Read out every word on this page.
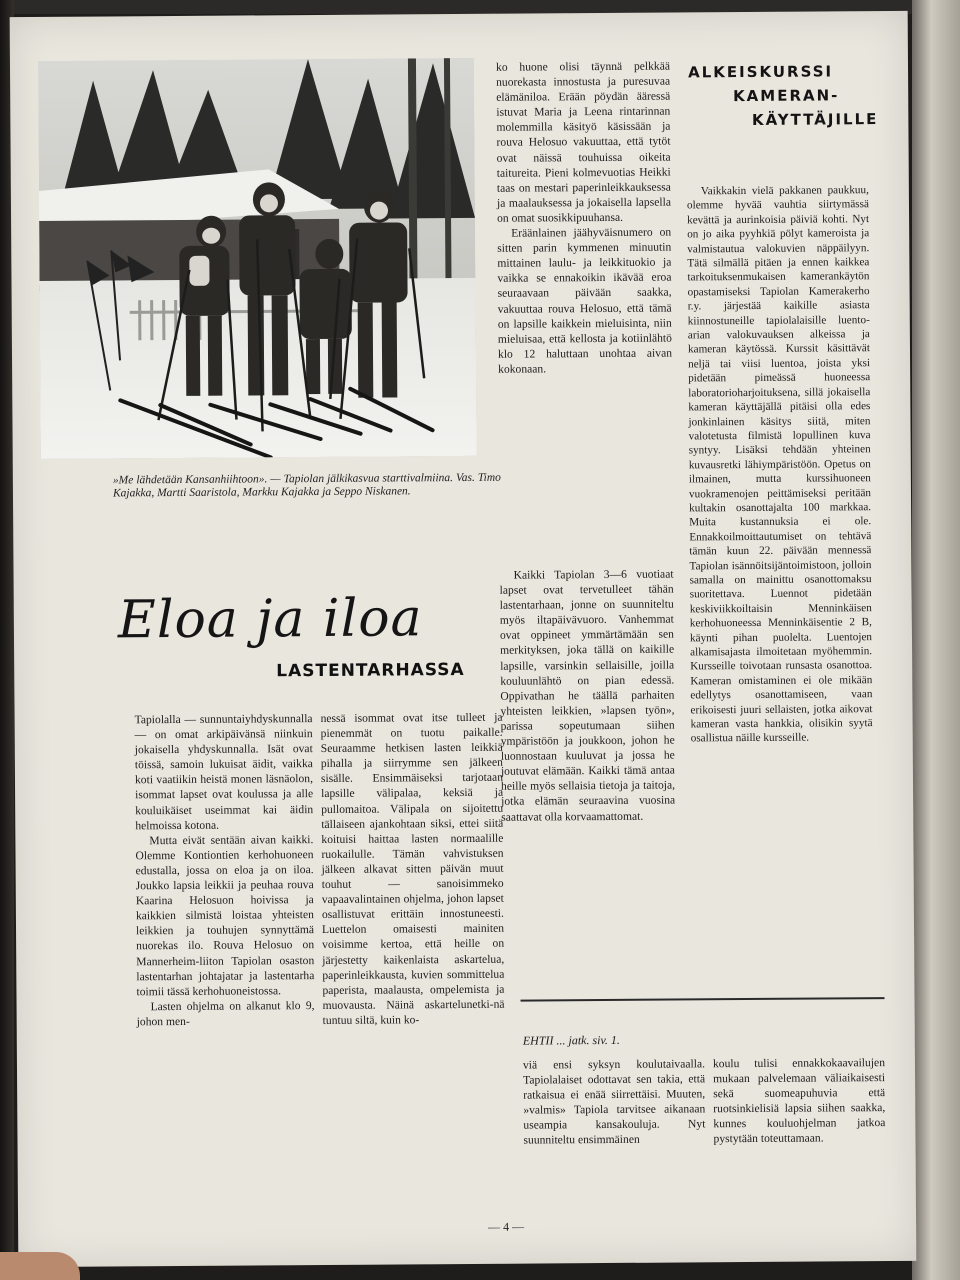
»Me lähdetään Kansanhiihtoon». — Tapiolan jälkikasvua starttivalmiina. Vas. Timo Kajakka, Martti Saaristola, Markku Kajakka ja Seppo Niskanen.

Eloa ja iloa
LASTENTARHASSA

Tapiolalla — sunnuntaiyhdyskunnalla — on omat arkipäivänsä niinkuin jokaisella yhdyskunnalla. Isät ovat töissä, samoin lukuisat äidit, vaikka koti vaatiikin heistä monen läsnäolon, isommat lapset ovat koulussa ja alle kouluikäiset useimmat kai äidin helmoissa kotona.

Mutta eivät sentään aivan kaikki. Olemme Kontiontien kerhohuoneen edustalla, jossa on eloa ja on iloa. Joukko lapsia leikkii ja peuhaa rouva Kaarina Helosuon hoivissa ja kaikkien silmistä loistaa yhteisten leikkien ja touhujen synnyttämä nuorekas ilo. Rouva Helosuo on Mannerheim-liiton Tapiolan osaston lastentarhan johtajatar ja lastentarha toimii tässä kerhohuoneistossa.

Lasten ohjelma on alkanut klo 9, johon men-

nessä isommat ovat itse tulleet ja pienemmät on tuotu paikalle. Seuraamme hetkisen lasten leikkiä pihalla ja siirrymme sen jälkeen sisälle. Ensimmäiseksi tarjotaan lapsille välipalaa, keksiä ja pullomaitoa. Välipala on sijoitettu tällaiseen ajankohtaan siksi, ettei siitä koituisi haittaa lasten normaalille ruokailulle. Tämän vahvistuksen jälkeen alkavat sitten päivän muut touhut — sanoisimmeko vapaavalintainen ohjelma, johon lapset osallistuvat erittäin innostuneesti. Luettelon omaisesti mainiten voisimme kertoa, että heille on järjestetty kaikenlaista askartelua, paperinleikkausta, kuvien sommittelua paperista, maalausta, ompelemista ja muovausta. Näinä askartelunetki-nä tuntuu siltä, kuin ko-

ko huone olisi täynnä pelkkää nuorekasta innostusta ja puresuvaa elämäniloa. Erään pöydän ääressä istuvat Maria ja Leena rintarinnan molemmilla käsityö käsissään ja rouva Helosuo vakuuttaa, että tytöt ovat näissä touhuissa oikeita taitureita. Pieni kolmevuotias Heikki taas on mestari paperinleikkauksessa ja maalauksessa ja jokaisella lapsella on omat suosikkipuuhansa.

Eräänlainen jäähyväisnumero on sitten parin kymmenen minuutin mittainen laulu- ja leikkituokio ja vaikka se ennakoikin ikävää eroa seuraavaan päivään saakka, vakuuttaa rouva Helosuo, että tämä on lapsille kaikkein mieluisinta, niin mieluisaa, että kellosta ja kotiinlähtö klo 12 haluttaan unohtaa aivan kokonaan.

Kaikki Tapiolan 3—6 vuotiaat lapset ovat tervetulleet tähän lastentarhaan, jonne on suunniteltu myös iltapäivävuoro. Vanhemmat ovat oppineet ymmärtämään sen merkityksen, joka tällä on kaikille lapsille, varsinkin sellaisille, joilla kouluunlähtö on pian edessä. Oppivathan he täällä parhaiten yhteisten leikkien, »lapsen työn», parissa sopeutumaan siihen ympäristöön ja joukkoon, johon he luonnostaan kuuluvat ja jossa he joutuvat elämään. Kaikki tämä antaa heille myös sellaisia tietoja ja taitoja, jotka elämän seuraavina vuosina saattavat olla korvaamattomat.

ALKEISKURSSI
KAMERAN-
KÄYTTÄJILLE

Vaikkakin vielä pakkanen paukkuu, olemme hyvää vauhtia siirtymässä kevättä ja aurinkoisia päiviä kohti. Nyt on jo aika pyyhkiä pölyt kameroista ja valmistautua valokuvien näppäilyyn. Tätä silmällä pitäen ja ennen kaikkea tarkoituksenmukaisen kamerankäytön opastamiseksi Tapiolan Kamerakerho r.y. järjestää kaikille asiasta kiinnostuneille tapiolalaisille luento-arian valokuvauksen alkeissa ja kameran käytössä. Kurssit käsittävät neljä tai viisi luentoa, joista yksi pidetään pimeässä huoneessa laboratorioharjoituksena, sillä jokaisella kameran käyttäjällä pitäisi olla edes jonkinlainen käsitys siitä, miten valotetusta filmistä lopullinen kuva syntyy. Lisäksi tehdään yhteinen kuvausretki lähiympäristöön. Opetus on ilmainen, mutta kurssihuoneen vuokramenojen peittämiseksi peritään kultakin osanottajalta 100 markkaa. Muita kustannuksia ei ole. Ennakkoilmoittautumiset on tehtävä tämän kuun 22. päivään mennessä Tapiolan isännöitsijäntoimistoon, jolloin samalla on mainittu osanottomaksu suoritettava. Luennot pidetään keskiviikkoiltaisin Menninkäisen kerhohuoneessa Menninkäisentie 2 B, käynti pihan puolelta. Luentojen alkamisajasta ilmoitetaan myöhemmin. Kursseille toivotaan runsasta osanottoa. Kameran omistaminen ei ole mikään edellytys osanottamiseen, vaan erikoisesti juuri sellaisten, jotka aikovat kameran vasta hankkia, olisikin syytä osallistua näille kursseille.

EHTII ... jatk. siv. 1.

viä ensi syksyn koulutaivaalla. Tapiolalaiset odottavat sen takia, että ratkaisua ei enää siirrettäisi. Muuten, »valmis» Tapiola tarvitsee aikanaan useampia kansakouluja. Nyt suunniteltu ensimmäinen

koulu tulisi ennakkokaavailujen mukaan palvelemaan väliaikaisesti sekä suomeapuhuvia että ruotsinkielisiä lapsia siihen saakka, kunnes kouluohjelman jatkoa pystytään toteuttamaan.

— 4 —
